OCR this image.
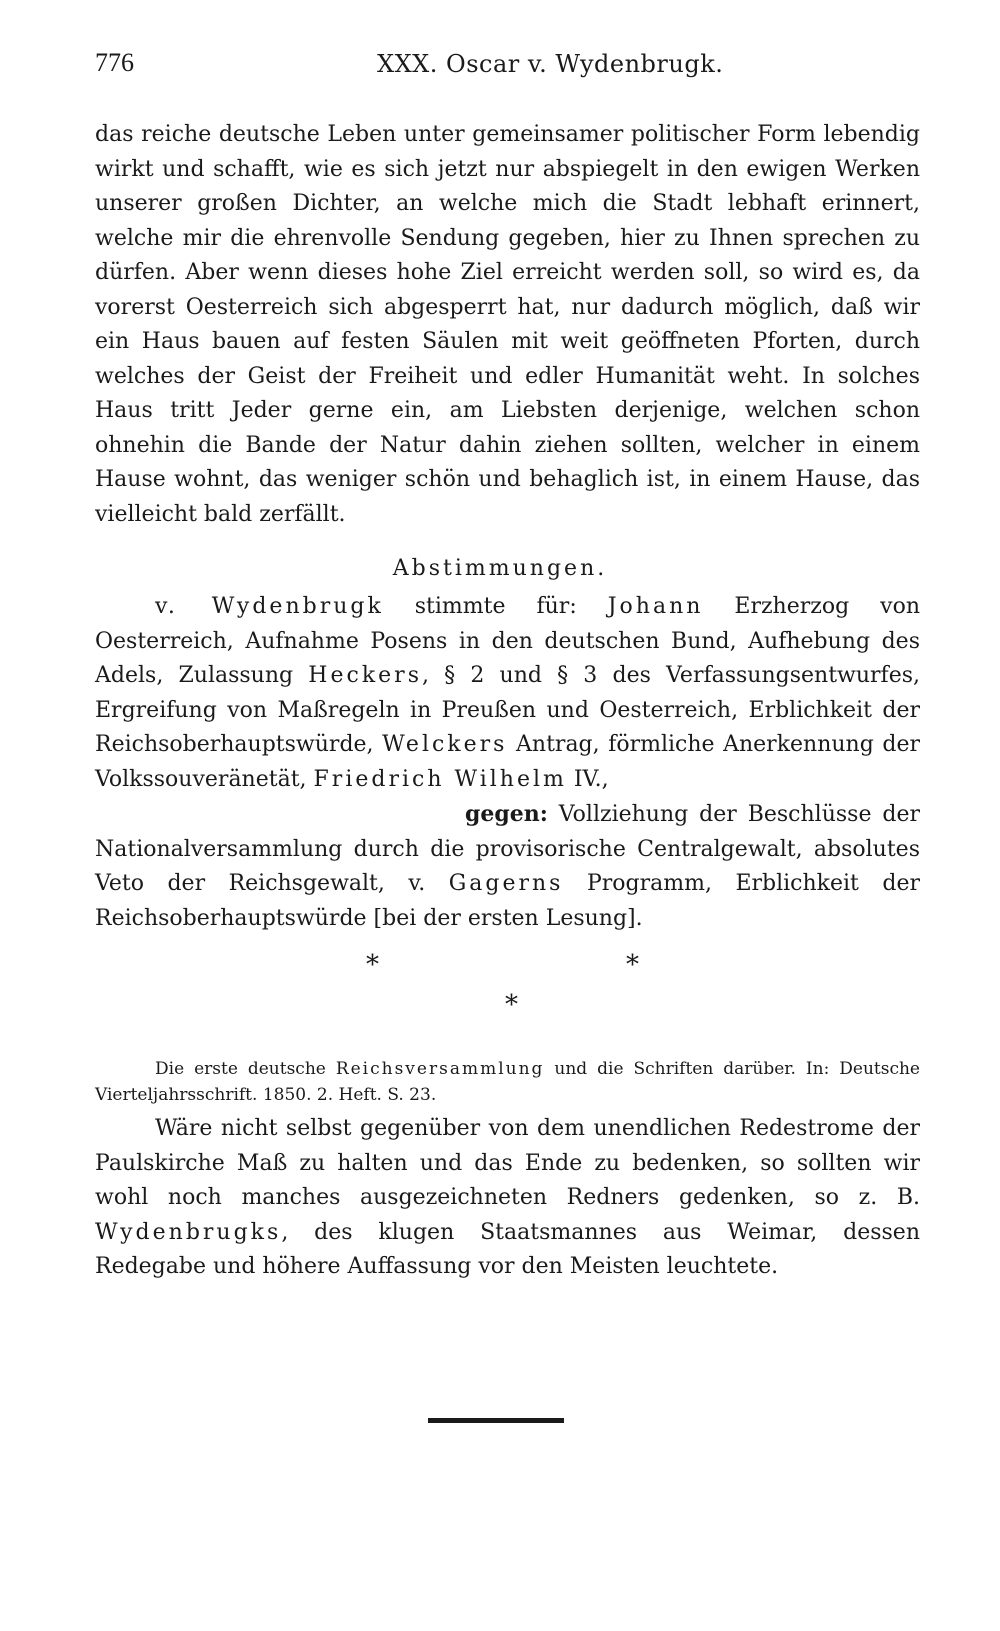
776	XXX. Oscar v. Wydenbrugk.

das reiche deutsche Leben unter gemeinsamer politischer Form lebendig wirkt und schafft, wie es sich jetzt nur abspiegelt in den ewigen Werken unserer großen Dichter, an welche mich die Stadt lebhaft erinnert, welche mir die ehrenvolle Sendung gegeben, hier zu Ihnen sprechen zu dürfen. Aber wenn dieses hohe Ziel erreicht werden soll, so wird es, da vorerst Oesterreich sich abgesperrt hat, nur dadurch möglich, daß wir ein Haus bauen auf festen Säulen mit weit geöffneten Pforten, durch welches der Geist der Freiheit und edler Humanität weht. In solches Haus tritt Jeder gerne ein, am Liebsten derjenige, welchen schon ohnehin die Bande der Natur dahin ziehen sollten, welcher in einem Hause wohnt, das weniger schön und behaglich ist, in einem Hause, das vielleicht bald zerfällt.

Abstimmungen.

v. Wydenbrugk stimmte für: Johann Erzherzog von Oesterreich, Aufnahme Posens in den deutschen Bund, Aufhebung des Adels, Zulassung Heckers, § 2 und § 3 des Verfassungsentwurfes, Ergreifung von Maßregeln in Preußen und Oesterreich, Erblichkeit der Reichsoberhauptswürde, Welckers Antrag, förmliche Anerkennung der Volkssouveränetät, Friedrich Wilhelm IV.,
gegen: Vollziehung der Beschlüsse der Nationalversammlung durch die provisorische Centralgewalt, absolutes Veto der Reichsgewalt, v. Gagerns Programm, Erblichkeit der Reichsoberhauptswürde [bei der ersten Lesung].

*	*
*

Die erste deutsche Reichsversammlung und die Schriften darüber. In: Deutsche Vierteljahrsschrift. 1850. 2. Heft. S. 23.

Wäre nicht selbst gegenüber von dem unendlichen Redestrome der Paulskirche Maß zu halten und das Ende zu bedenken, so sollten wir wohl noch manches ausgezeichneten Redners gedenken, so z. B. Wydenbrugks, des klugen Staatsmannes aus Weimar, dessen Redegabe und höhere Auffassung vor den Meisten leuchtete.
